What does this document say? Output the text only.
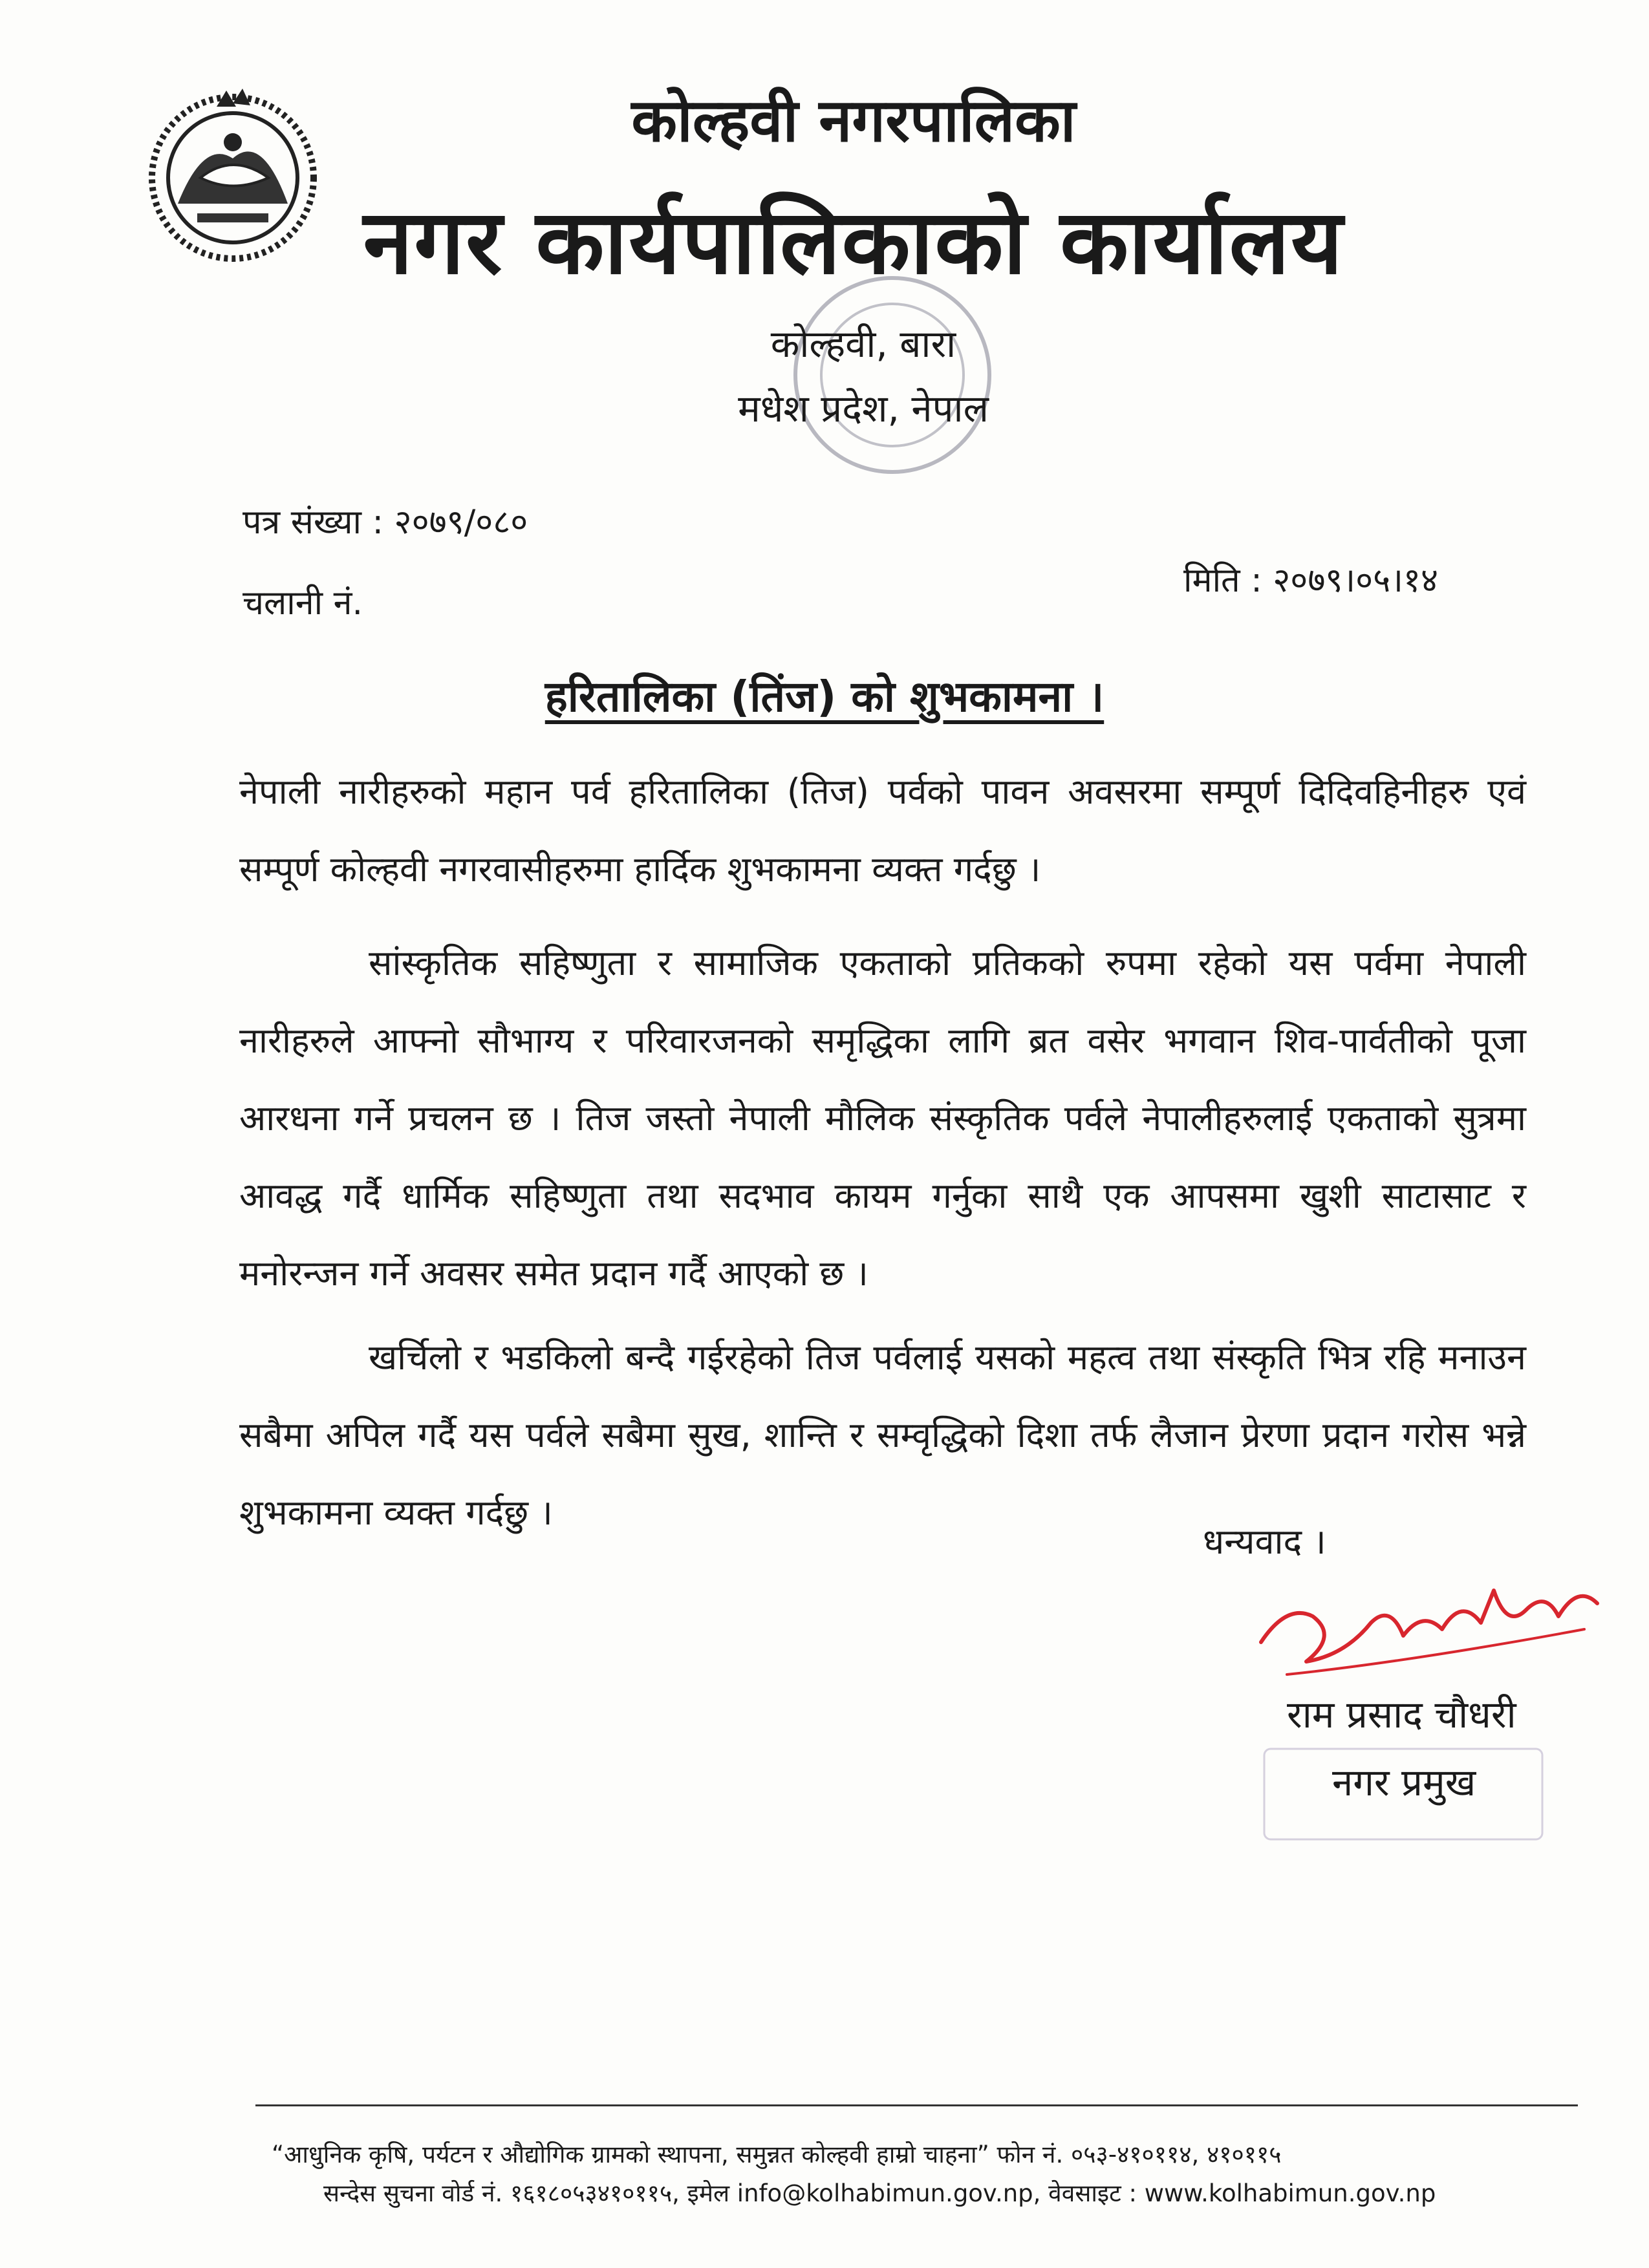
कोल्हवी नगरपालिका
नगर कार्यपालिकाको कार्यालय
कोल्हवी, बारा
मधेश प्रदेश, नेपाल
पत्र संख्या : २०७९/०८०
चलानी नं.
मिति : २०७९।०५।१४
हरितालिका (तिंज) को शुभकामना ।
नेपाली नारीहरुको महान पर्व हरितालिका (तिज) पर्वको पावन अवसरमा सम्पूर्ण दिदिवहिनीहरु एवं सम्पूर्ण कोल्हवी नगरवासीहरुमा हार्दिक शुभकामना व्यक्त गर्दछु ।
सांस्कृतिक सहिष्णुता र सामाजिक एकताको प्रतिकको रुपमा रहेको यस पर्वमा नेपाली नारीहरुले आफ्नो सौभाग्य र परिवारजनको समृद्धिका लागि ब्रत वसेर भगवान शिव-पार्वतीको पूजा आरधना गर्ने प्रचलन छ । तिज जस्तो नेपाली मौलिक संस्कृतिक पर्वले नेपालीहरुलाई एकताको सुत्रमा आवद्ध गर्दै धार्मिक सहिष्णुता तथा सदभाव कायम गर्नुका साथै एक आपसमा खुशी साटासाट र मनोरन्जन गर्ने अवसर समेत प्रदान गर्दै आएको छ ।
खर्चिलो र भडकिलो बन्दै गईरहेको तिज पर्वलाई यसको महत्व तथा संस्कृति भित्र रहि मनाउन सबैमा अपिल गर्दै यस पर्वले सबैमा सुख, शान्ति र सम्वृद्धिको दिशा तर्फ लैजान प्रेरणा प्रदान गरोस भन्ने शुभकामना व्यक्त गर्दछु ।
धन्यवाद ।
राम प्रसाद चौधरी
नगर प्रमुख
“आधुनिक कृषि, पर्यटन र औद्योगिक ग्रामको स्थापना, समुन्नत कोल्हवी हाम्रो चाहना” फोन नं. ०५३-४१०११४, ४१०११५
सन्देस सुचना वोर्ड नं. १६१८०५३४१०११५, इमेल info@kolhabimun.gov.np, वेवसाइट : www.kolhabimun.gov.np
